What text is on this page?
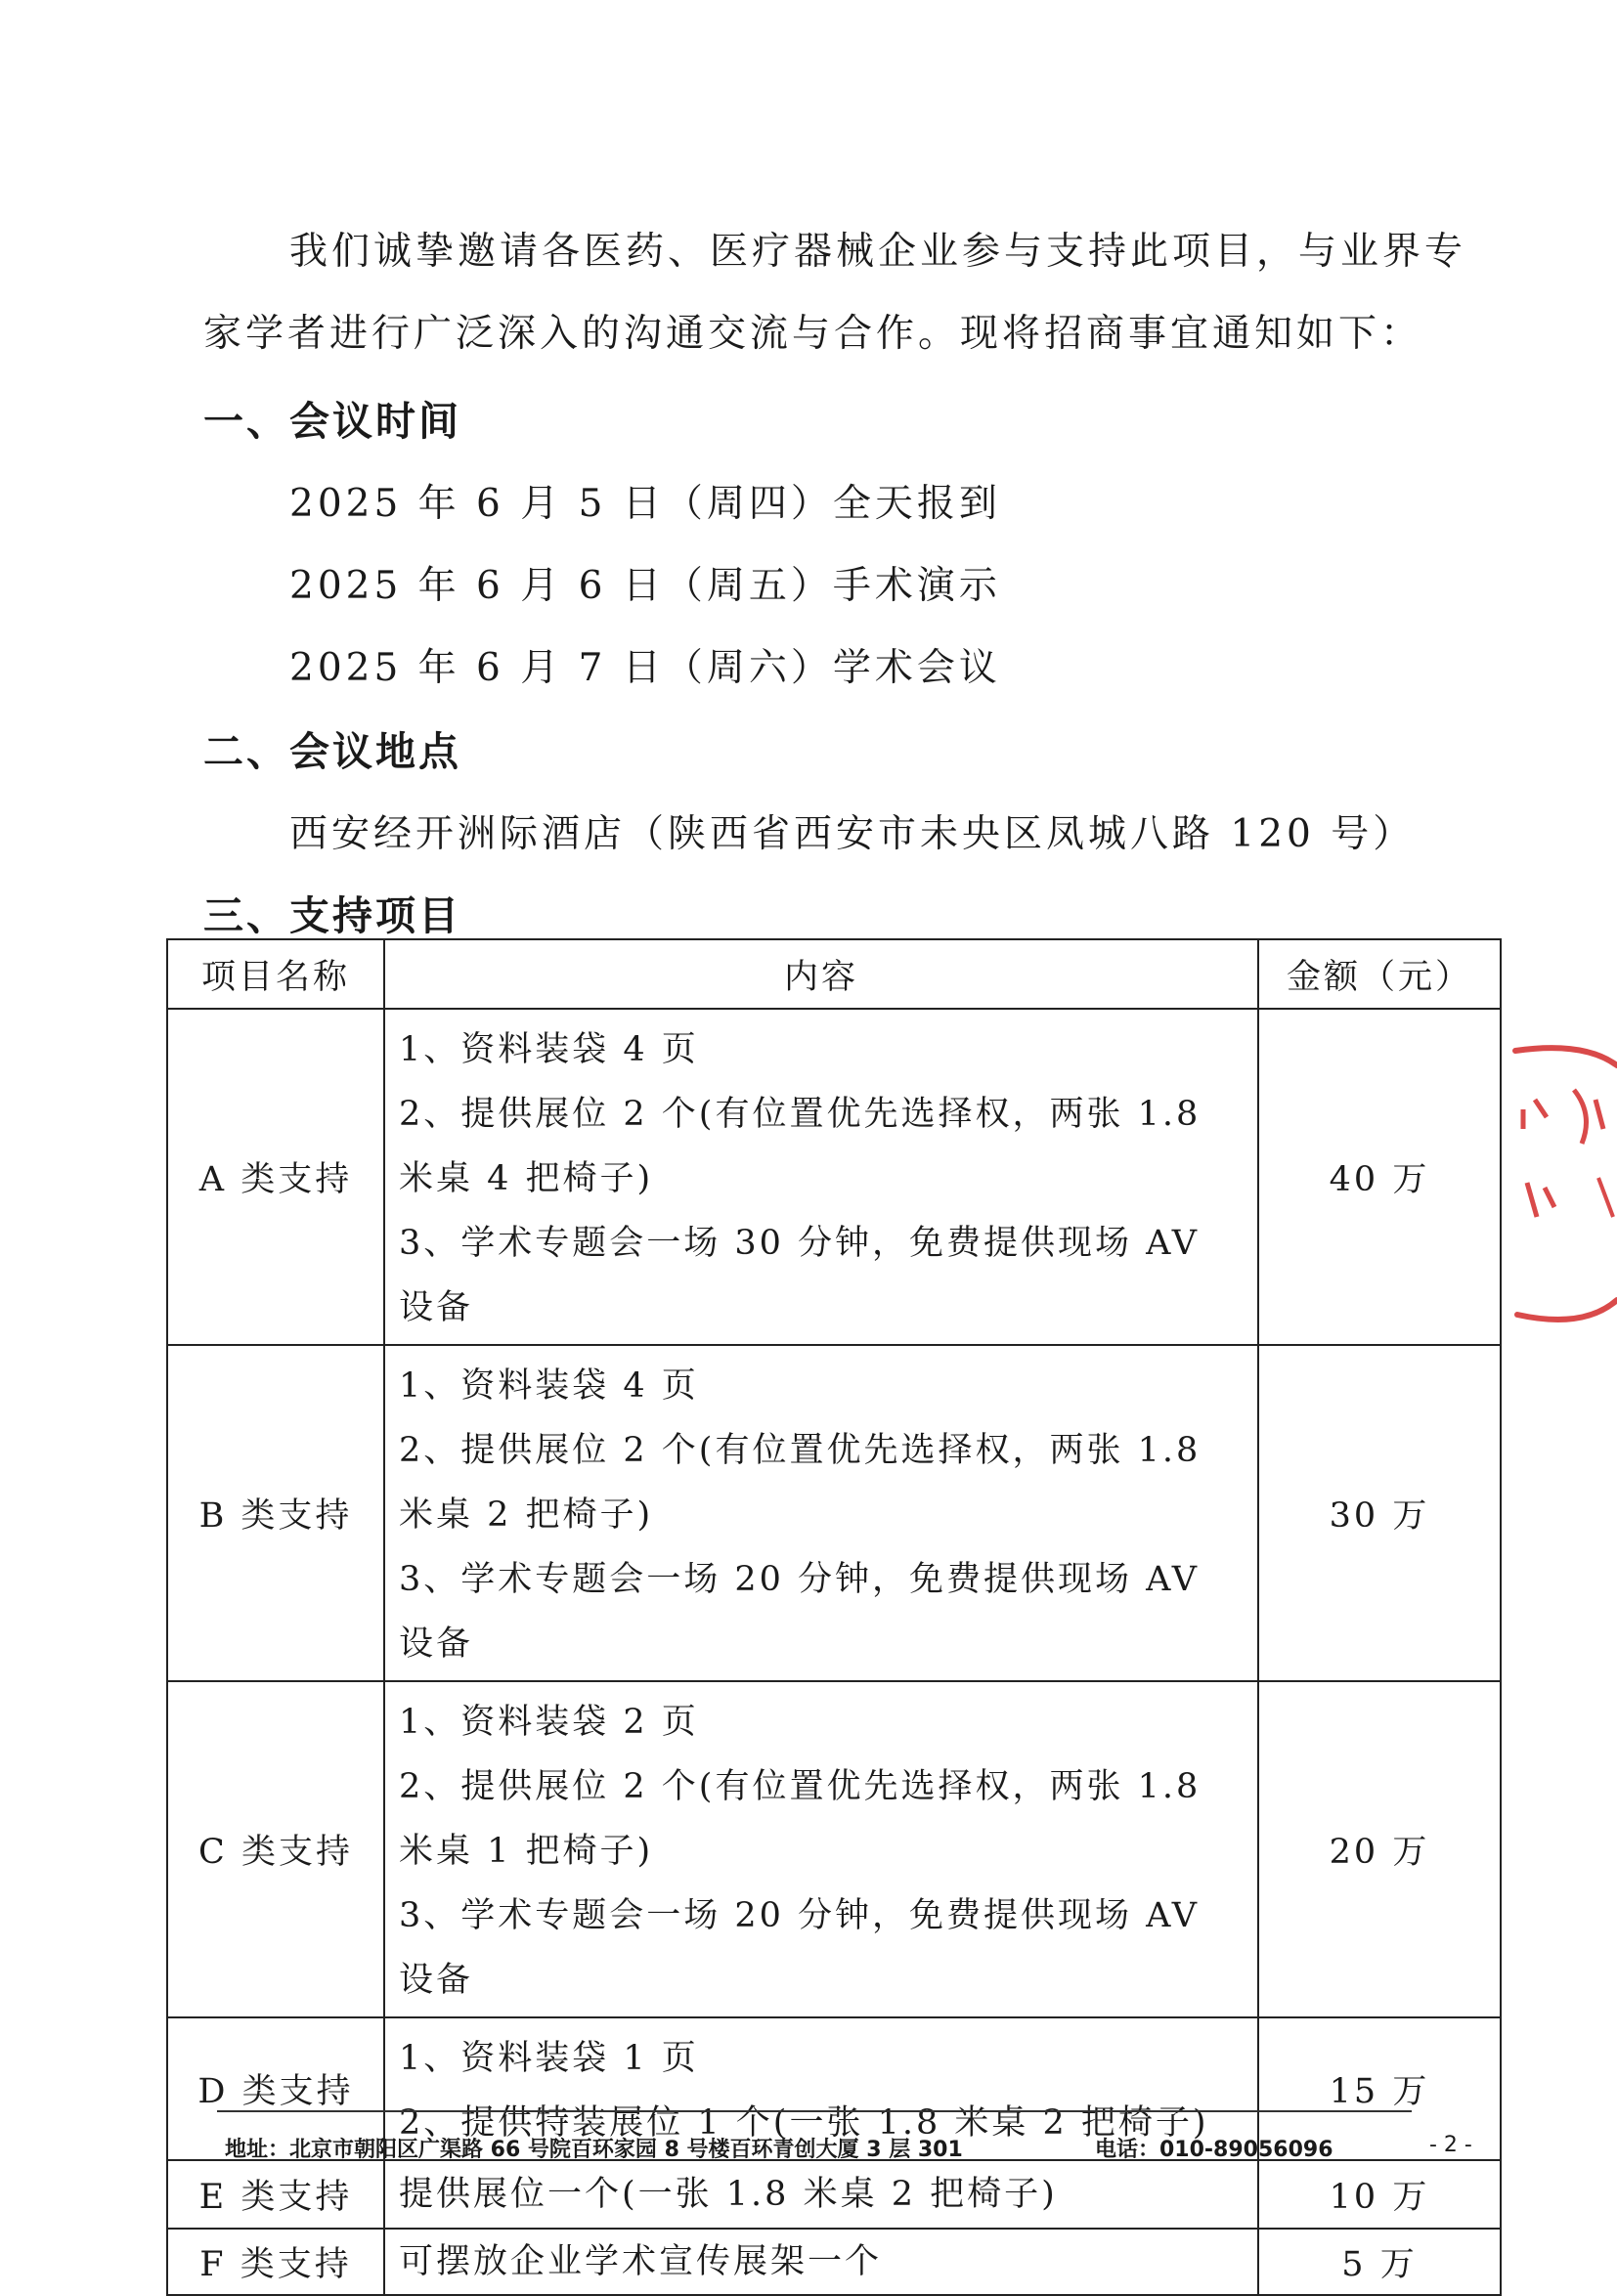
我们诚挚邀请各医药、医疗器械企业参与支持此项目，与业界专家学者进行广泛深入的沟通交流与合作。现将招商事宜通知如下：

一、会议时间

2025 年 6 月 5 日（周四）全天报到

2025 年 6 月 6 日（周五）手术演示

2025 年 6 月 7 日（周六）学术会议

二、会议地点

西安经开洲际酒店（陕西省西安市未央区凤城八路 120 号）

三、支持项目

项目名称	内容	金额（元）
A 类支持	1、资料装袋 4 页
2、提供展位 2 个(有位置优先选择权，两张 1.8 米桌 4 把椅子)
3、学术专题会一场 30 分钟，免费提供现场 AV 设备	40 万
B 类支持	1、资料装袋 4 页
2、提供展位 2 个(有位置优先选择权，两张 1.8 米桌 2 把椅子)
3、学术专题会一场 20 分钟，免费提供现场 AV 设备	30 万
C 类支持	1、资料装袋 2 页
2、提供展位 2 个(有位置优先选择权，两张 1.8 米桌 1 把椅子)
3、学术专题会一场 20 分钟，免费提供现场 AV 设备	20 万
D 类支持	1、资料装袋 1 页
2、提供特装展位 1 个(一张 1.8 米桌 2 把椅子)	15 万
E 类支持	提供展位一个(一张 1.8 米桌 2 把椅子)	10 万
F 类支持	可摆放企业学术宣传展架一个	5 万

地址：北京市朝阳区广渠路 66 号院百环家园 8 号楼百环青创大厦 3 层 301	电话：010-89056096	- 2 -
